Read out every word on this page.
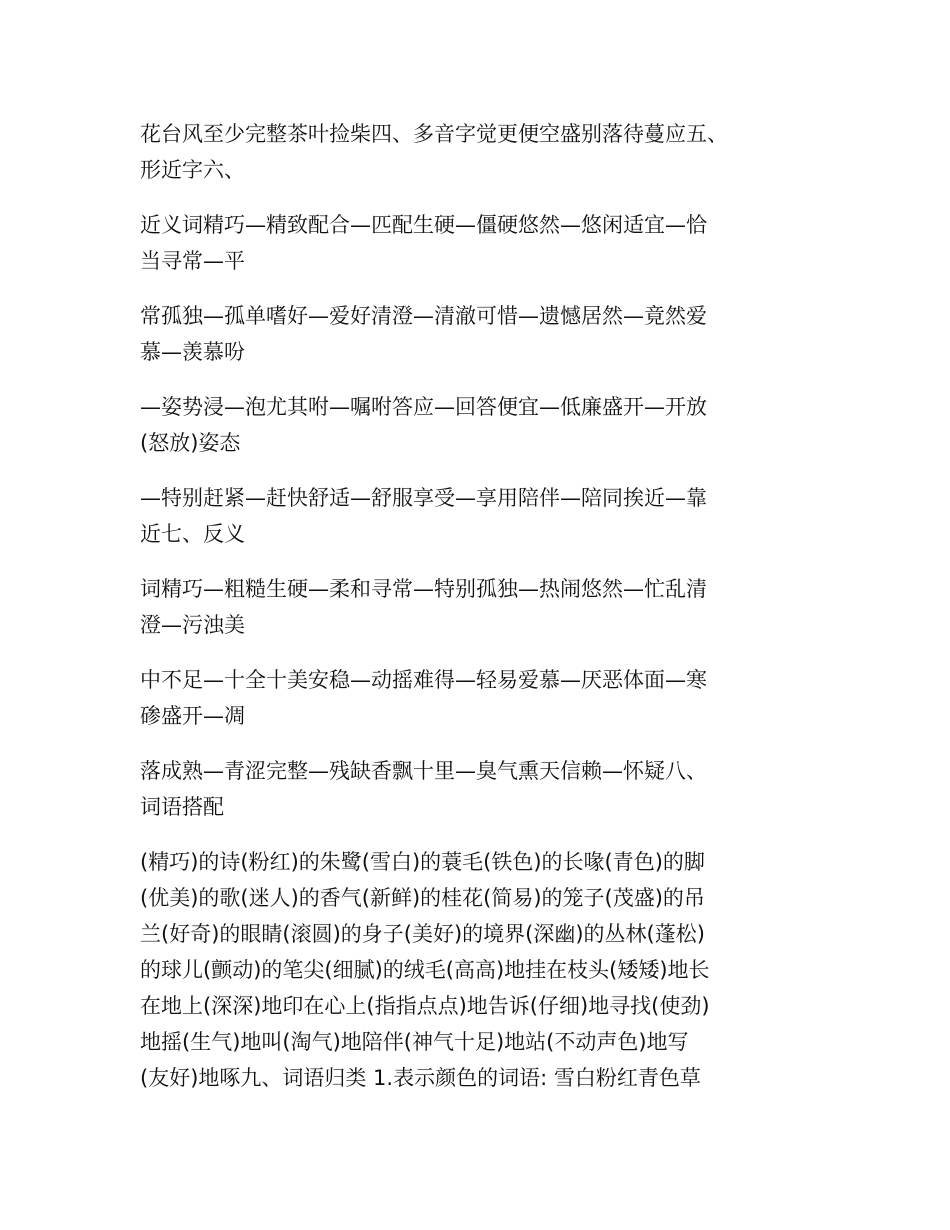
花台风至少完整茶叶捡柴四、多音字觉更便空盛别落待蔓应五、
形近字六、
近义词精巧—精致配合—匹配生硬—僵硬悠然—悠闲适宜—恰
当寻常—平
常孤独—孤单嗜好—爱好清澄—清澈可惜—遗憾居然—竟然爱
慕—羡慕吩
—姿势浸—泡尤其咐—嘱咐答应—回答便宜—低廉盛开—开放
(怒放)姿态
—特别赶紧—赶快舒适—舒服享受—享用陪伴—陪同挨近—靠
近七、反义
词精巧—粗糙生硬—柔和寻常—特别孤独—热闹悠然—忙乱清
澄—污浊美
中不足—十全十美安稳—动摇难得—轻易爱慕—厌恶体面—寒
碜盛开—凋
落成熟—青涩完整—残缺香飘十里—臭气熏天信赖—怀疑八、
词语搭配
(精巧)的诗(粉红)的朱鹭(雪白)的蓑毛(铁色)的长喙(青色)的脚
(优美)的歌(迷人)的香气(新鲜)的桂花(简易)的笼子(茂盛)的吊
兰(好奇)的眼睛(滚圆)的身子(美好)的境界(深幽)的丛林(蓬松)
的球儿(颤动)的笔尖(细腻)的绒毛(高高)地挂在枝头(矮矮)地长
在地上(深深)地印在心上(指指点点)地告诉(仔细)地寻找(使劲)
地摇(生气)地叫(淘气)地陪伴(神气十足)地站(不动声色)地写
(友好)地啄九、词语归类 1.表示颜色的词语: 雪白粉红青色草
